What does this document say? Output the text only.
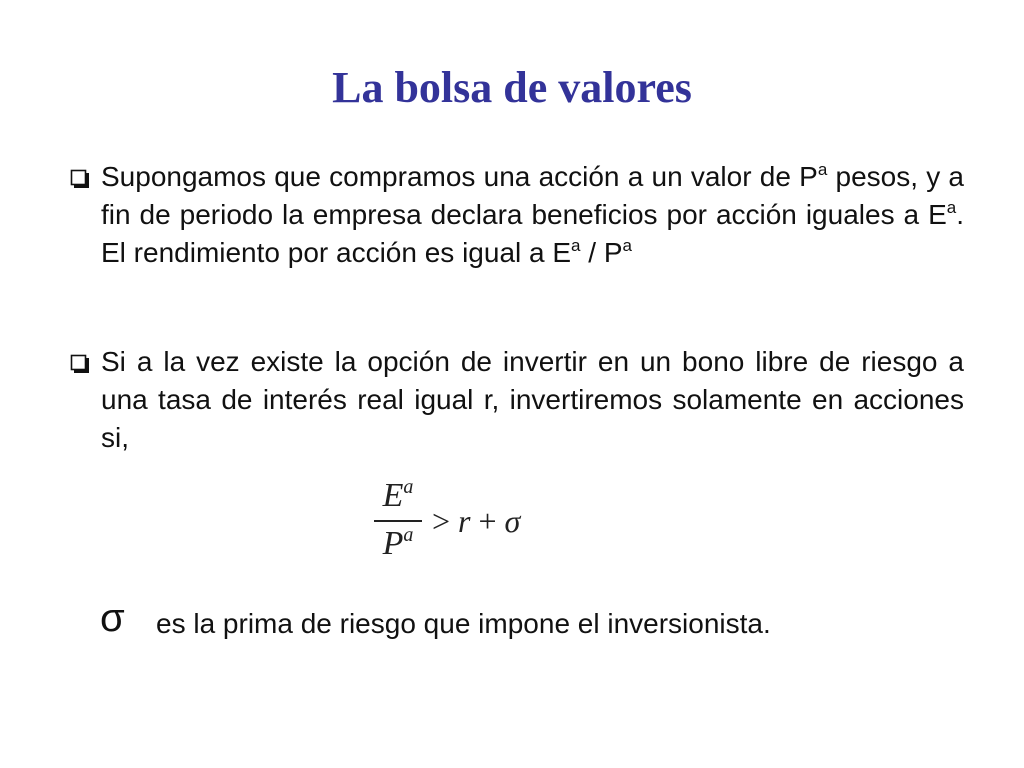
La bolsa de valores
Supongamos que compramos una acción a un valor de $P^a$ pesos, y a fin de periodo la empresa declara beneficios por acción iguales a $E^a$. El rendimiento por acción es igual a $E^a / P^a$
Si a la vez existe la opción de invertir en un bono libre de riesgo a una tasa de interés real igual r, invertiremos solamente en acciones si,
$E^a$
$P^a > r + \sigma$
σ es la prima de riesgo que impone el inversionista.
